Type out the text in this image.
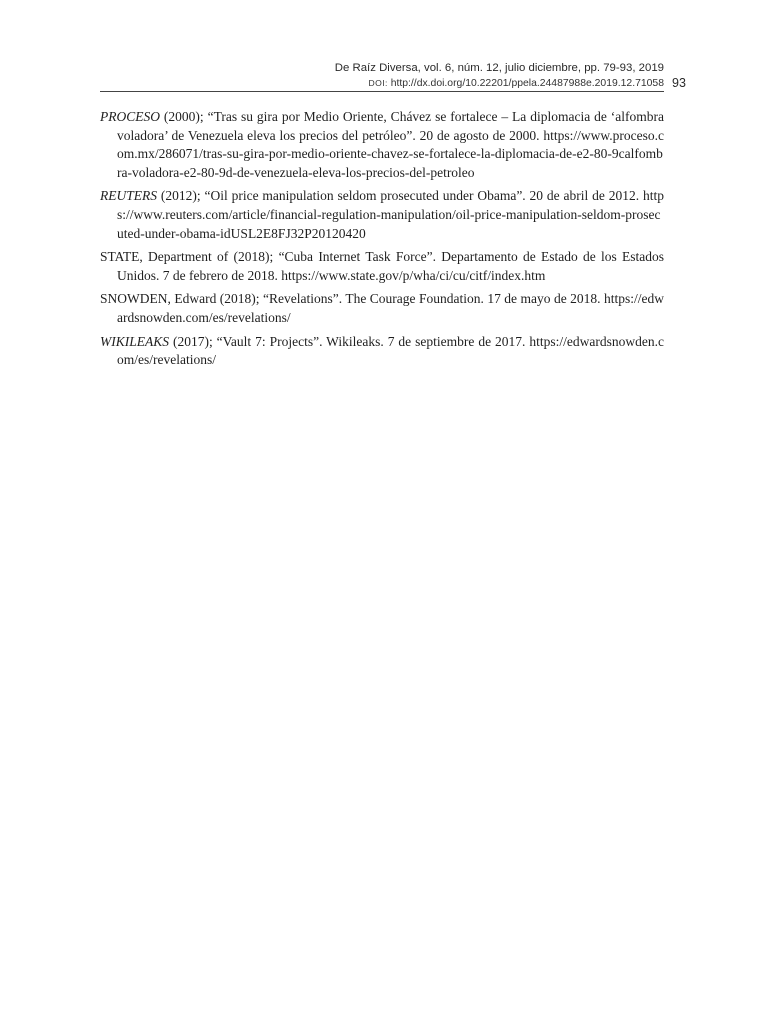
De Raíz Diversa, vol. 6, núm. 12, julio diciembre, pp. 79-93, 2019
DOI: http://dx.doi.org/10.22201/ppela.24487988e.2019.12.71058 93

PROCESO (2000); “Tras su gira por Medio Oriente, Chávez se fortalece – La diplomacia de ‘alfombra voladora’ de Venezuela eleva los precios del petróleo”. 20 de agosto de 2000. https://www.proceso.com.mx/286071/tras-su-gira-por-medio-oriente-chavez-se-fortalece-la-diplomacia-de-e2-80-9calfombra-voladora-e2-80-9d-de-venezuela-eleva-los-precios-del-petroleo

REUTERS (2012); “Oil price manipulation seldom prosecuted under Obama”. 20 de abril de 2012. https://www.reuters.com/article/financial-regulation-manipulation/oil-price-manipulation-seldom-prosecuted-under-obama-idUSL2E8FJ32P20120420

STATE, Department of (2018); “Cuba Internet Task Force”. Departamento de Estado de los Estados Unidos. 7 de febrero de 2018. https://www.state.gov/p/wha/ci/cu/citf/index.htm

SNOWDEN, Edward (2018); “Revelations”. The Courage Foundation. 17 de mayo de 2018. https://edwardsnowden.com/es/revelations/

WIKILEAKS (2017); “Vault 7: Projects”. Wikileaks. 7 de septiembre de 2017. https://edwardsnowden.com/es/revelations/
